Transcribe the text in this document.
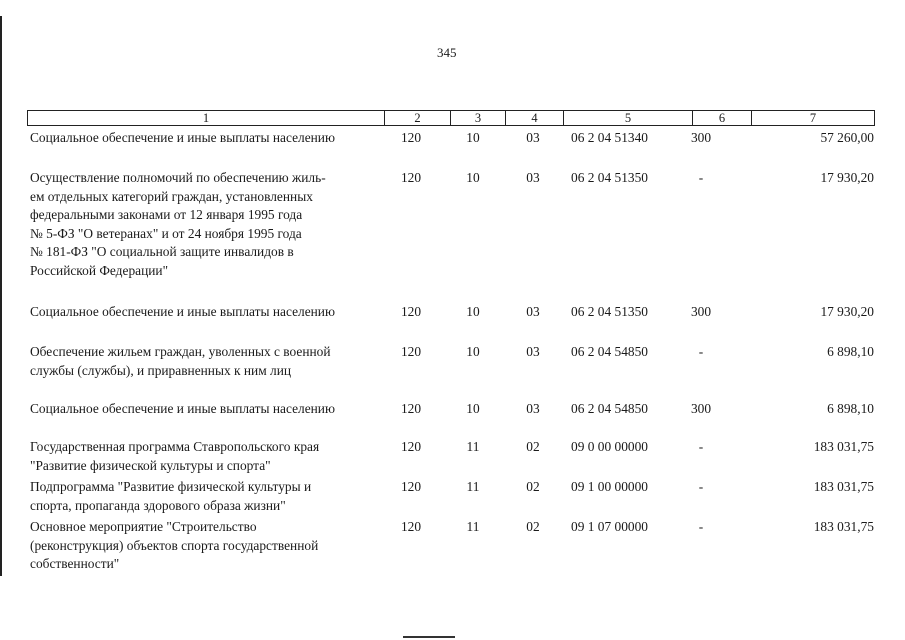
345
1	2	3	4	5	6	7
Социальное обеспечение и иные выплаты населению	120	10	03	06 2 04 51340	300	57 260,00
Осуществление полномочий по обеспечению жиль-
ем отдельных категорий граждан, установленных
федеральными законами от 12 января 1995 года
№ 5-ФЗ "О ветеранах" и от 24 ноября 1995 года
№ 181-ФЗ "О социальной защите инвалидов в
Российской Федерации"
120	10	03	06 2 04 51350	-	17 930,20
Социальное обеспечение и иные выплаты населению	120	10	03	06 2 04 51350	300	17 930,20
Обеспечение жильем граждан, уволенных с военной
службы (службы), и приравненных к ним лиц
120	10	03	06 2 04 54850	-	6 898,10
Социальное обеспечение и иные выплаты населению	120	10	03	06 2 04 54850	300	6 898,10
Государственная программа Ставропольского края
"Развитие физической культуры и спорта"
120	11	02	09 0 00 00000	-	183 031,75
Подпрограмма "Развитие физической культуры и
спорта, пропаганда здорового образа жизни"
120	11	02	09 1 00 00000	-	183 031,75
Основное мероприятие "Строительство
(реконструкция) объектов спорта государственной
собственности"
120	11	02	09 1 07 00000	-	183 031,75
